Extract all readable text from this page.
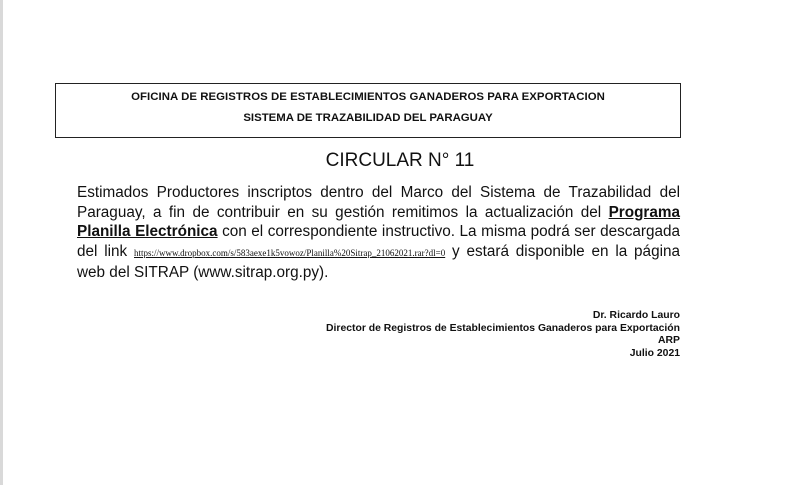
OFICINA DE REGISTROS DE ESTABLECIMIENTOS GANADEROS PARA EXPORTACION
SISTEMA DE TRAZABILIDAD DEL PARAGUAY
CIRCULAR N° 11
Estimados Productores inscriptos dentro del Marco del Sistema de Trazabilidad del Paraguay, a fin de contribuir en su gestión remitimos la actualización del Programa Planilla Electrónica con el correspondiente instructivo. La misma podrá ser descargada del link https://www.dropbox.com/s/583aexe1k5vowoz/Planilla%20Sitrap_21062021.rar?dl=0 y estará disponible en la página web del SITRAP (www.sitrap.org.py).
Dr. Ricardo Lauro
Director de Registros de Establecimientos Ganaderos para Exportación
ARP
Julio 2021
